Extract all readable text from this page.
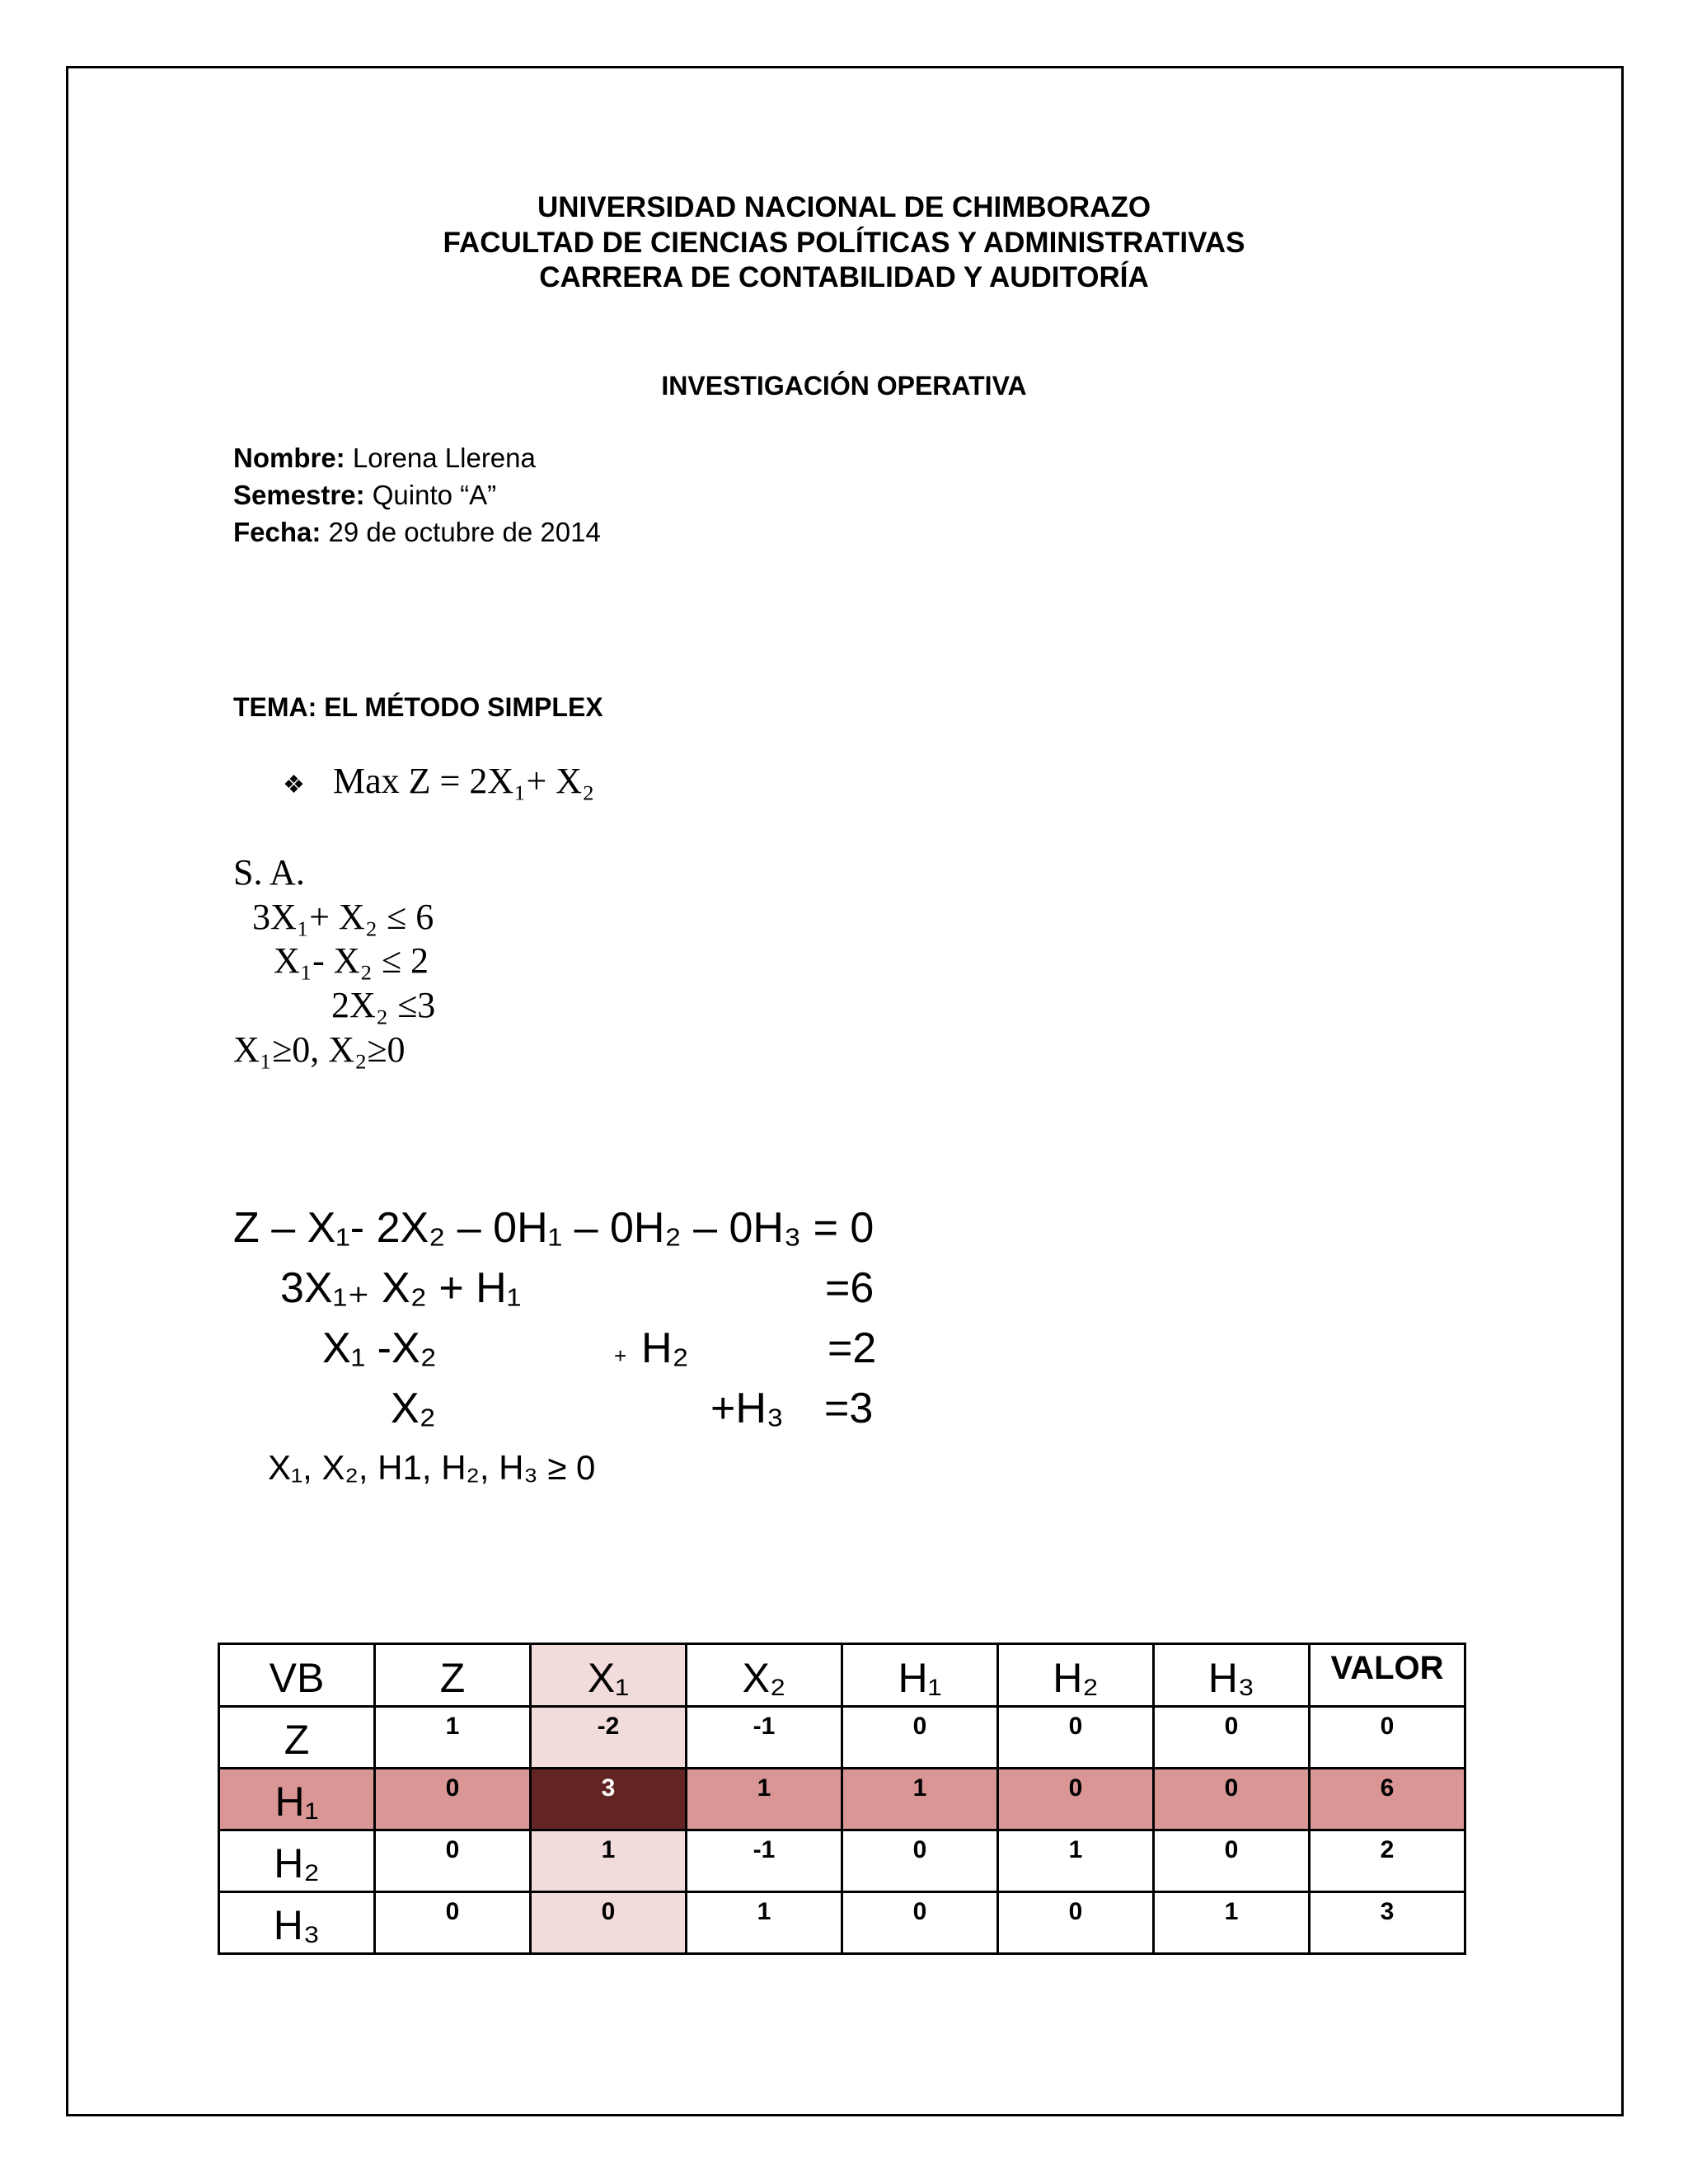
UNIVERSIDAD NACIONAL DE CHIMBORAZO
FACULTAD DE CIENCIAS POLÍTICAS Y ADMINISTRATIVAS
CARRERA DE CONTABILIDAD Y AUDITORÍA
INVESTIGACIÓN OPERATIVA
Nombre: Lorena Llerena
Semestre: Quinto “A”
Fecha: 29 de octubre de 2014
TEMA: EL MÉTODO SIMPLEX
❖ Max Z = 2X₁+ X₂
S. A.
3X₁+ X₂ ≤ 6
X₁- X₂ ≤ 2
2X₂ ≤3
X₁≥0, X₂≥0
Z – X₁- 2X₂ – 0H₁ – 0H₂ – 0H₃ = 0
3X₁₊ X₂ + H₁	=6
X₁ -X₂	+ H₂	=2
X₂	+H₃ =3
X₁, X₂, H1, H₂, H₃ ≥ 0
VB	Z	X₁	X₂	H₁	H₂	H₃	VALOR

Z	1	-2	-1	0	0	0	0

H₁	0	3	1	1	0	0	6

H₂	0	1	-1	0	1	0	2

H₃	0	0	1	0	0	1	3
